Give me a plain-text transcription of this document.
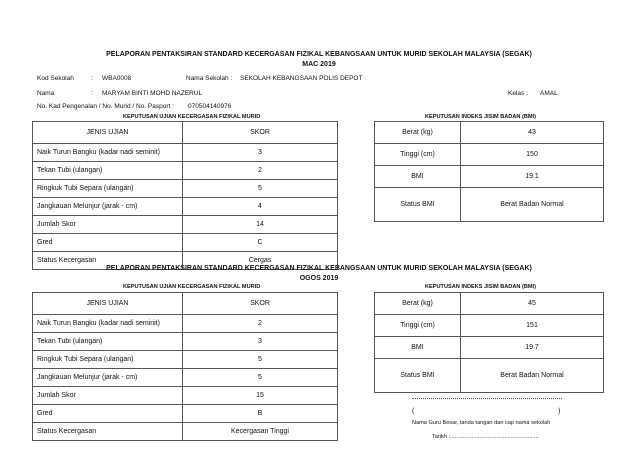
PELAPORAN PENTAKSIRAN STANDARD KECERGASAN FIZIKAL KEBANGSAAN UNTUK MURID SEKOLAH MALAYSIA (SEGAK)
MAC 2019
Kod Sekolah	: WBA0008	Nama Sekolah : SEKOLAH KEBANGSAAN POLIS DEPOT
Nama	: MARYAM BINTI MOHD NAZERUL	Kelas : AMAL
No. Kad Pengenalan / No. Murid / No. Pasport : 070504140976
KEPUTUSAN UJIAN KECERGASAN FIZIKAL MURID	KEPUTUSAN INDEKS JISIM BADAN (BMI)
JENIS UJIAN	SKOR
Naik Turun Bangku (kadar nadi seminit)	3
Tekan Tubi (ulangan)	2
Ringkuk Tubi Separa (ulangan)	5
Jangkauan Melunjur (jarak - cm)	4
Jumlah Skor	14
Gred	C
Status Kecergasan	Cergas
Berat (kg)	43
Tinggi (cm)	150
BMI	19.1
Status BMI	Berat Badan Normal
PELAPORAN PENTAKSIRAN STANDARD KECERGASAN FIZIKAL KEBANGSAAN UNTUK MURID SEKOLAH MALAYSIA (SEGAK)
OGOS 2019
KEPUTUSAN UJIAN KECERGASAN FIZIKAL MURID	KEPUTUSAN INDEKS JISIM BADAN (BMI)
JENIS UJIAN	SKOR
Naik Turun Bangku (kadar nadi seminit)	2
Tekan Tubi (ulangan)	3
Ringkuk Tubi Separa (ulangan)	5
Jangkauan Melunjur (jarak - cm)	5
Jumlah Skor	15
Gred	B
Status Kecergasan	Kecergasan Tinggi
Berat (kg)	45
Tinggi (cm)	151
BMI	19.7
Status BMI	Berat Badan Normal
(	)
Nama Guru Besar, tanda tangan dan cap nama sekolah
Tarikh :.........................................................
